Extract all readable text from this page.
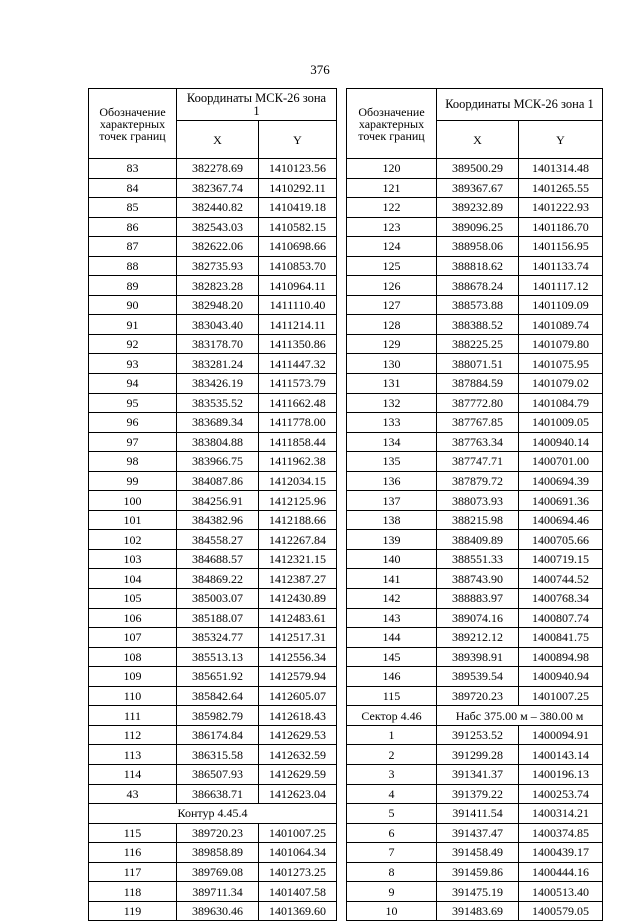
376
Обозначение характерных точек границ	Координаты МСК-26 зона 1	
	X	Y
83	382278.69	1410123.56
84	382367.74	1410292.11
85	382440.82	1410419.18
86	382543.03	1410582.15
87	382622.06	1410698.66
88	382735.93	1410853.70
89	382823.28	1410964.11
90	382948.20	1411110.40
91	383043.40	1411214.11
92	383178.70	1411350.86
93	383281.24	1411447.32
94	383426.19	1411573.79
95	383535.52	1411662.48
96	383689.34	1411778.00
97	383804.88	1411858.44
98	383966.75	1411962.38
99	384087.86	1412034.15
100	384256.91	1412125.96
101	384382.96	1412188.66
102	384558.27	1412267.84
103	384688.57	1412321.15
104	384869.22	1412387.27
105	385003.07	1412430.89
106	385188.07	1412483.61
107	385324.77	1412517.31
108	385513.13	1412556.34
109	385651.92	1412579.94
110	385842.64	1412605.07
111	385982.79	1412618.43
112	386174.84	1412629.53
113	386315.58	1412632.59
114	386507.93	1412629.59
43	386638.71	1412623.04
Контур 4.45.4		
115	389720.23	1401007.25
116	389858.89	1401064.34
117	389769.08	1401273.25
118	389711.34	1401407.58
119	389630.46	1401369.60
Обозначение характерных точек границ	Координаты МСК-26 зона 1	
	X	Y
120	389500.29	1401314.48
121	389367.67	1401265.55
122	389232.89	1401222.93
123	389096.25	1401186.70
124	388958.06	1401156.95
125	388818.62	1401133.74
126	388678.24	1401117.12
127	388573.88	1401109.09
128	388388.52	1401089.74
129	388225.25	1401079.80
130	388071.51	1401075.95
131	387884.59	1401079.02
132	387772.80	1401084.79
133	387767.85	1401009.05
134	387763.34	1400940.14
135	387747.71	1400701.00
136	387879.72	1400694.39
137	388073.93	1400691.36
138	388215.98	1400694.46
139	388409.89	1400705.66
140	388551.33	1400719.15
141	388743.90	1400744.52
142	388883.97	1400768.34
143	389074.16	1400807.74
144	389212.12	1400841.75
145	389398.91	1400894.98
146	389539.54	1400940.94
115	389720.23	1401007.25
Сектор 4.46	Набс 375.00 м – 380.00 м	
1	391253.52	1400094.91
2	391299.28	1400143.14
3	391341.37	1400196.13
4	391379.22	1400253.74
5	391411.54	1400314.21
6	391437.47	1400374.85
7	391458.49	1400439.17
8	391459.86	1400444.16
9	391475.19	1400513.40
10	391483.69	1400579.05
